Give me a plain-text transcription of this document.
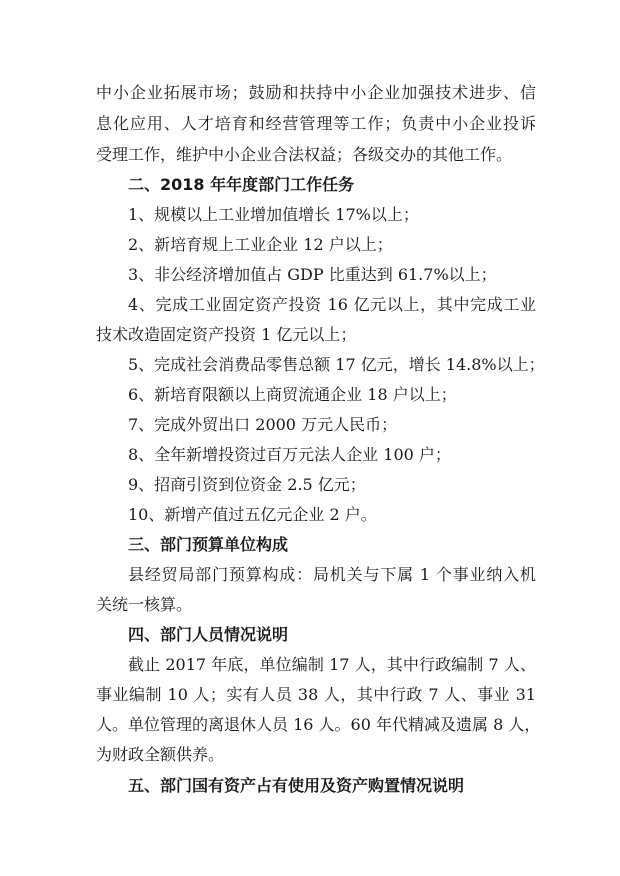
中小企业拓展市场；鼓励和扶持中小企业加强技术进步、信
息化应用、人才培育和经营管理等工作；负责中小企业投诉
受理工作，维护中小企业合法权益；各级交办的其他工作。
二、2018 年年度部门工作任务
1、规模以上工业增加值增长 17%以上；
2、新培育规上工业企业 12 户以上；
3、非公经济增加值占 GDP 比重达到 61.7%以上；
4、完成工业固定资产投资 16 亿元以上，其中完成工业
技术改造固定资产投资 1 亿元以上；
5、完成社会消费品零售总额 17 亿元，增长 14.8%以上；
6、新培育限额以上商贸流通企业 18 户以上；
7、完成外贸出口 2000 万元人民币；
8、全年新增投资过百万元法人企业 100 户；
9、招商引资到位资金 2.5 亿元；
10、新增产值过五亿元企业 2 户。
三、部门预算单位构成
县经贸局部门预算构成：局机关与下属 1 个事业纳入机
关统一核算。
四、部门人员情况说明
截止 2017 年底，单位编制 17 人，其中行政编制 7 人、
事业编制 10 人；实有人员 38 人，其中行政 7 人、事业 31
人。单位管理的离退休人员 16 人。60 年代精减及遗属 8 人，
为财政全额供养。
五、部门国有资产占有使用及资产购置情况说明
